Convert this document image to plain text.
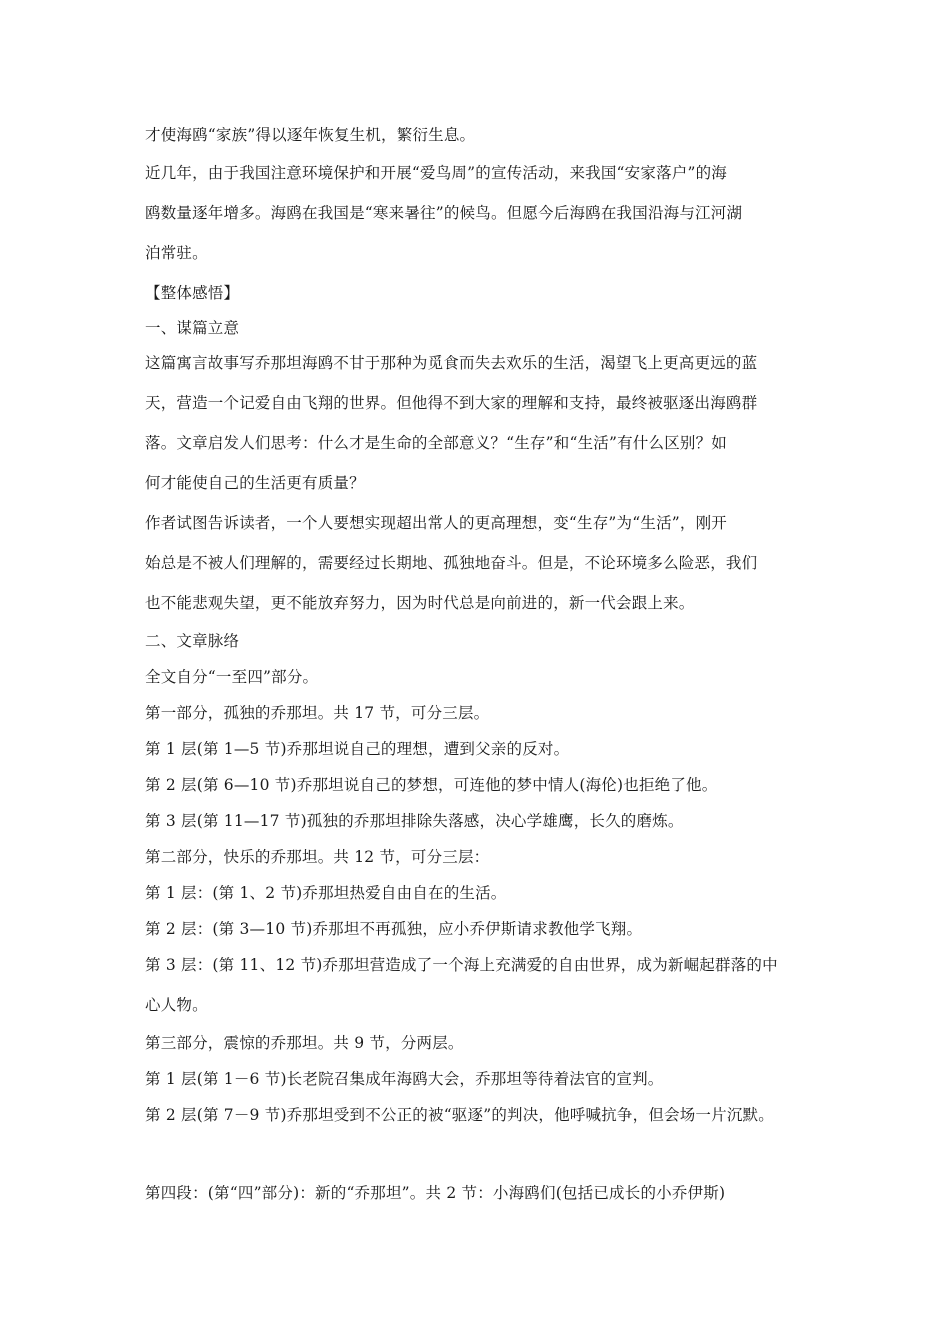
才使海鸥“家族”得以逐年恢复生机，繁衍生息。
近几年，由于我国注意环境保护和开展“爱鸟周”的宣传活动，来我国“安家落户”的海
鸥数量逐年增多。海鸥在我国是“寒来暑往”的候鸟。但愿今后海鸥在我国沿海与江河湖
泊常驻。
【整体感悟】
一、谋篇立意
这篇寓言故事写乔那坦海鸥不甘于那种为觅食而失去欢乐的生活，渴望飞上更高更远的蓝
天，营造一个记爱自由飞翔的世界。但他得不到大家的理解和支持，最终被驱逐出海鸥群
落。文章启发人们思考：什么才是生命的全部意义？“生存”和“生活”有什么区别？如
何才能使自己的生活更有质量？
作者试图告诉读者，一个人要想实现超出常人的更高理想，变“生存”为“生活”，刚开
始总是不被人们理解的，需要经过长期地、孤独地奋斗。但是，不论环境多么险恶，我们
也不能悲观失望，更不能放弃努力，因为时代总是向前进的，新一代会跟上来。
二、文章脉络
全文自分“一至四”部分。
第一部分，孤独的乔那坦。共 17 节，可分三层。
第 1 层(第 1—5 节)乔那坦说自己的理想，遭到父亲的反对。
第 2 层(第 6—10 节)乔那坦说自己的梦想，可连他的梦中情人(海伦)也拒绝了他。
第 3 层(第 11—17 节)孤独的乔那坦排除失落感，决心学雄鹰，长久的磨炼。
第二部分，快乐的乔那坦。共 12 节，可分三层：
第 1 层：(第 1、2 节)乔那坦热爱自由自在的生活。
第 2 层：(第 3—10 节)乔那坦不再孤独，应小乔伊斯请求教他学飞翔。
第 3 层：(第 11、12 节)乔那坦营造成了一个海上充满爱的自由世界，成为新崛起群落的中
心人物。
第三部分，震惊的乔那坦。共 9 节，分两层。
第 1 层(第 1－6 节)长老院召集成年海鸥大会，乔那坦等待着法官的宣判。
第 2 层(第 7－9 节)乔那坦受到不公正的被“驱逐”的判决，他呼喊抗争，但会场一片沉默。
第四段：(第“四”部分)：新的“乔那坦”。共 2 节：小海鸥们(包括已成长的小乔伊斯)
